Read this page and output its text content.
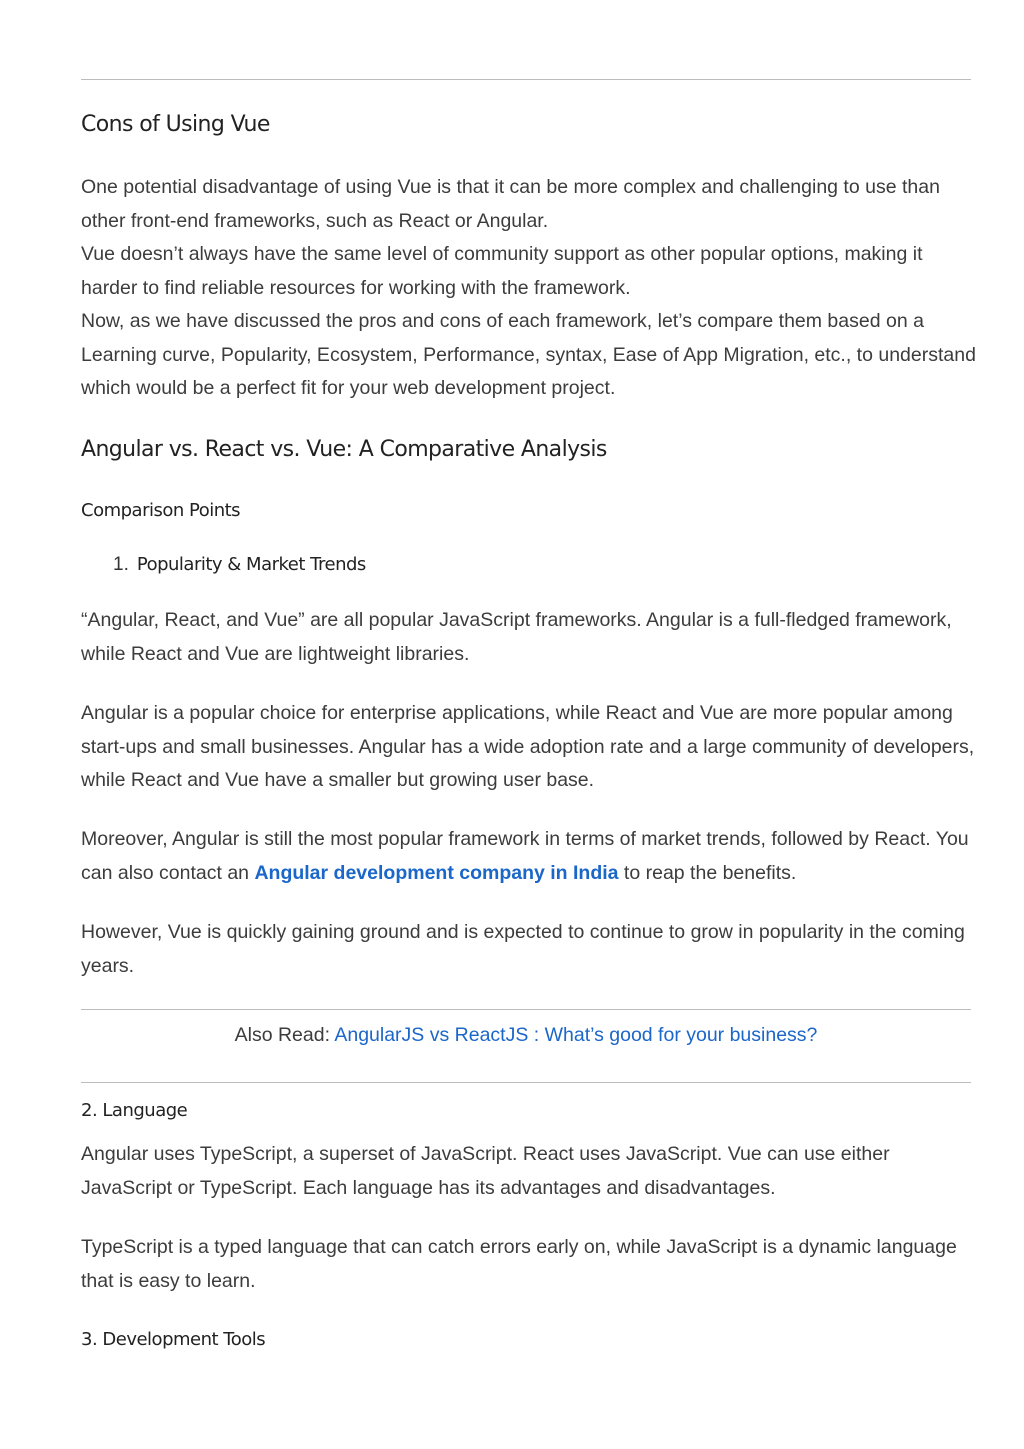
Cons of Using Vue

One potential disadvantage of using Vue is that it can be more complex and challenging to use than other front-end frameworks, such as React or Angular.
Vue doesn’t always have the same level of community support as other popular options, making it harder to find reliable resources for working with the framework.
Now, as we have discussed the pros and cons of each framework, let’s compare them based on a Learning curve, Popularity, Ecosystem, Performance, syntax, Ease of App Migration, etc., to understand which would be a perfect fit for your web development project.

Angular vs. React vs. Vue: A Comparative Analysis
Comparison Points
1. Popularity & Market Trends

“Angular, React, and Vue” are all popular JavaScript frameworks. Angular is a full-fledged framework, while React and Vue are lightweight libraries.

Angular is a popular choice for enterprise applications, while React and Vue are more popular among start-ups and small businesses. Angular has a wide adoption rate and a large community of developers, while React and Vue have a smaller but growing user base.

Moreover, Angular is still the most popular framework in terms of market trends, followed by React. You can also contact an Angular development company in India to reap the benefits.

However, Vue is quickly gaining ground and is expected to continue to grow in popularity in the coming years.

Also Read: AngularJS vs ReactJS : What’s good for your business?
2. Language

Angular uses TypeScript, a superset of JavaScript. React uses JavaScript. Vue can use either JavaScript or TypeScript. Each language has its advantages and disadvantages.

TypeScript is a typed language that can catch errors early on, while JavaScript is a dynamic language that is easy to learn.

3. Development Tools
